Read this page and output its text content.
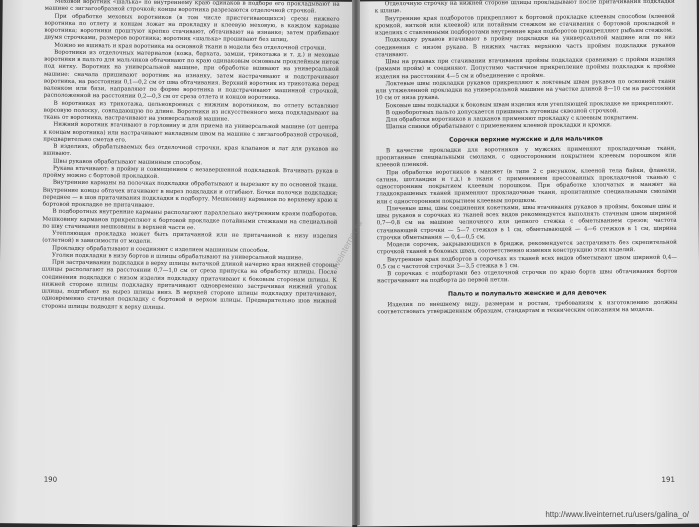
Меховой воротник «шалька» по внутреннему краю одинаков в подборе его прокладывают на машине с зигзагообразной строчкой; концы воротника разрезаются отделочной строчкой.

При обработке меховых воротников (в том числе пристегивающихся) срезы нижнего воротника по отлету и концам ложат на прокладку и клеевую меховую, в каждом кармане воротника; воротники проштуют крепко стачивают, обтачивают на изнанке; затем прибивают двумя строчками, размеров воротника; воротник «шалька» прошивают без шлиц.

Можно не вшивать и края воротника на основной ткани в модели без отделочной строчки.

Воротники из отделочных материалов (кожа, бархата, замши, трикотажа и т. д.) и меховые воротники в пальто для мальчиков обтачивают по краю одинаковым основным проклейным ниток под нитку. Воротник на универсальной машине, при обработке вшивают на универсальной машине: сначала пришивают воротник на изнанку, затем настрачивают и подстрачивают воротника, на расстоянии 0,1—0,2 см от шва обтачивания. Верхний воротник из трикотажа перед валенком или бязи, направляют по форме воротника и подстрачивают машинной строчкой, расположенной на расстоянии 0,2—0,3 см от среза отлета и концов воротника.

В воротниках из трикотажа, цельнокроеных с нижним воротником, по отлету вставляют ворсовую полоску, совпадающую по длине. Воротники из искусственного меха подкладывают на ткань от воротника, настрачивают на универсальной машине.

Нижний воротник втачивают в горловину и для приема на универсальной машине (от центра к концам воротника) или настрачивают накладным швом на машине с зигзагообразной строчкой, предварительно сметав его.

В изделиях, обрабатываемых без отделочной строчки, края клапанов и лат для рукавов не вшивают.

Швы рукавов обрабатывают машинным способом.

Рукава втачивают: в пройму и совмещением с незавершенной подкладкой. Втачивать рукав в пройму можно с бортовой прокладкой.

Внутренние карманы на полочках подкладки обрабатывают и вырезают ку по основной ткани. Внутренние концы обтачек втачивают в вырез подкладки и отгибают. Бочки полочки подкладки; переднее — в шов притачивания подкладки к подборту. Мешковину карманов по верхнему краю к бортовой прокладке не притачивают.

В подборотных внутренние карманы располагают параллельно внутренним краям подборотов. Мешковину карманов прикрепляют к бортовой прокладке потайными стежками на специальной по шву стачивания мешковины в верхней части ее.

Утепляющая прокладка может быть притачанной или не притачанной к низу изделия (отлетной) в зависимости от модели.

Прокладку обрабатывают и соединяют с изделием машинным способом.

Уголки подкладки в низу бортов и шлицы обрабатывают на универсальной машине.

При застрачивании подкладки в верху шлицы вытачкой длиной начерно края нижней стороны шлицы располагают на расстоянии 0,7—1,0 см от среза припуска на обработку шлицы. После соединения подкладки с низом изделия подкладку притачивают к боковым сторонам шлицы. К нижней стороне шлицы подкладку притачивают одновременно застрачивая нижний уголок шлицы, подгибают на вырез шлицы вниз. В верхней стороне шлицы подкладку притачивают, одновременно стачивая подкладку с бортовой и верхом шлицы. Предварительно шов нижней стороны шлицы подводят к верху шлицы.

190

Отделочную строчку на нижней стороне шлицы прокладывают после притачивания подкладки к шлице.

Внутренние края подборотов прикрепляют к бортовой прокладке клеевым способом (клеевой кромкой, ниткой или клеевой) или потайным стежком не стачивания с бортовой прокладкой в изделиях с ставленными подборотами внутренние края подборотов прикрепляют рыбьим стежком.

Подкладку рукавов втачивают в пройму подкладки на универсальной машине или по низ соединения с низом рукава. В нижних частях верхнюю часть проймы подкладки рукавов стачивают.

Швы на рукавах при стачивании втачивания проймы подкладки сравниваю с пройми изделия (рамами пройм) и соединяют. Допустимо частичное прикрепление проймы подкладки к пройме изделия на расстоянии 4—5 см и объединение с пройме.

Локтевые швы подкладки рукавов прикрепляют к локтевым швам рукавов по основной ткани или утяжеленной прокладки на универсальной машине на участке длиной 8—10 см на расстоянии 10 см от низа рукава.

Боковые швы подкладки к боковым швам изделия или утепляющей прокладке не прикрепляют.

В одноборотных пальто допускается пришивать пуговицы сквозной строчкой.

Для обработки воротников и лацканов применяют прокладку с клеевым покрытием.

Шапки спинки обрабатывают с применением клеевой прокладки и кромки.

Сорочки верхние мужские и для мальчиков

В качестве прокладки для воротников у мужских применяют прокладочные ткани, пропитанные специальными смолами, с односторонним покрытием клеевым порошком или клеевой пленкой.

При обработке воротников в манжет (в типе 2 с рисунком, клееной тела байки, фланели, сатина, шотландки и т.д.) в ткани с применением прессованных прокладочной тканью с односторонним покрытием клеевым порошком. При обработке хлопчатых и манжет на гладкокрашеных тканей применяют прокладочные ткани, пропитанные специальными смолами или с односторонним покрытием клеевым порошком.

Плечевые швы, швы соединения кокетками, швы втачивания рукавов в проймы, боковые швы и швы рукавов в сорочках из тканей всех видов рекомендуется выполнять стачным швом шириной 0,7—0,8 см на машине челночного или цепного стежка с обметыванием срезов; частота стачивающей строчки — 5—7 стежков в 1 см, обметывающей — 4—6 стежков в 1 см, ширина строчки обметывания — 0,4—0,5 см.

Модели сорочек, закрывающихся в бриджи, рекомендуется застрачивать без скрепительной строчкой тканей в боковых швах, соответственно изменяя конструкцию этих изделий.

Внутренние края подбортов в сорочках из тканей всех видов обметывают швом шириной 0,4—0,5 см с частотой строчки 3—3,5 стежка в 1 см.

В сорочках с подбортами без отделочной строчки по краю борта швы обтачивания бортов настрачивают на подборта до первой петли.

Пальто и полупальто женские и для девочек

Изделия по внешнему виду, размерам и ростам, требованиям к изготовлению должны соответствовать утвержденным образцам, стандартам и техническим описаниям на модели.

191
liveinternet.ru
http://www.liveinternet.ru/users/galina_o/
